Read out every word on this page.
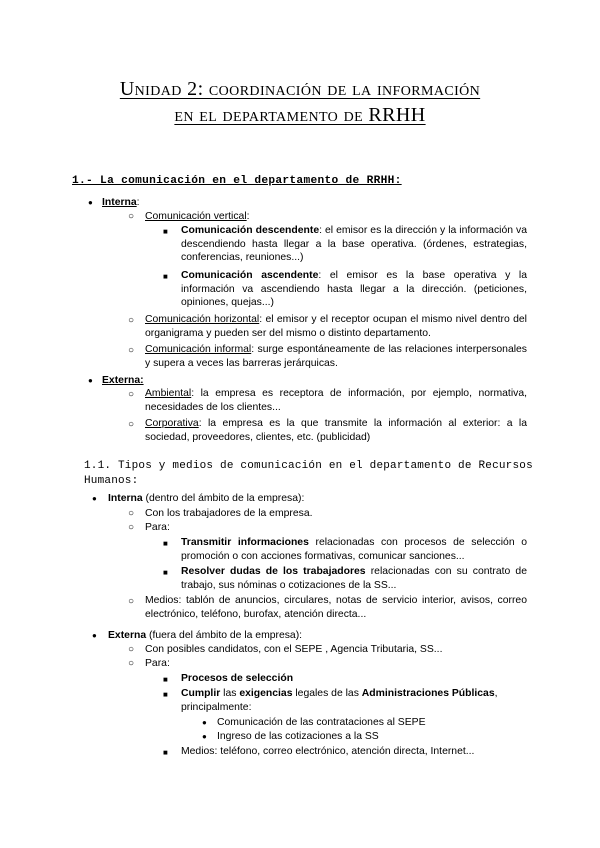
Unidad 2: coordinación de la información
en el departamento de RRHH
1.- La comunicación en el departamento de RRHH:
● Interna:
○ Comunicación vertical:
■ Comunicación descendente: el emisor es la dirección y la información va descendiendo hasta llegar a la base operativa. (órdenes, estrategias, conferencias, reuniones...)
■ Comunicación ascendente: el emisor es la base operativa y la información va ascendiendo hasta llegar a la dirección. (peticiones, opiniones, quejas...)
○ Comunicación horizontal: el emisor y el receptor ocupan el mismo nivel dentro del organigrama y pueden ser del mismo o distinto departamento.
○ Comunicación informal: surge espontáneamente de las relaciones interpersonales y supera a veces las barreras jerárquicas.
● Externa:
○ Ambiental: la empresa es receptora de información, por ejemplo, normativa, necesidades de los clientes...
○ Corporativa: la empresa es la que transmite la información al exterior: a la sociedad, proveedores, clientes, etc. (publicidad)
1.1. Tipos y medios de comunicación en el departamento de Recursos Humanos:
● Interna (dentro del ámbito de la empresa):
○ Con los trabajadores de la empresa.
○ Para:
■ Transmitir informaciones relacionadas con procesos de selección o promoción o con acciones formativas, comunicar sanciones...
■ Resolver dudas de los trabajadores relacionadas con su contrato de trabajo, sus nóminas o cotizaciones de la SS...
○ Medios: tablón de anuncios, circulares, notas de servicio interior, avisos, correo electrónico, teléfono, burofax, atención directa...
● Externa (fuera del ámbito de la empresa):
○ Con posibles candidatos, con el SEPE , Agencia Tributaria, SS...
○ Para:
■ Procesos de selección
■ Cumplir las exigencias legales de las Administraciones Públicas,
principalmente:
● Comunicación de las contrataciones al SEPE
● Ingreso de las cotizaciones a la SS
■ Medios: teléfono, correo electrónico, atención directa, Internet...
